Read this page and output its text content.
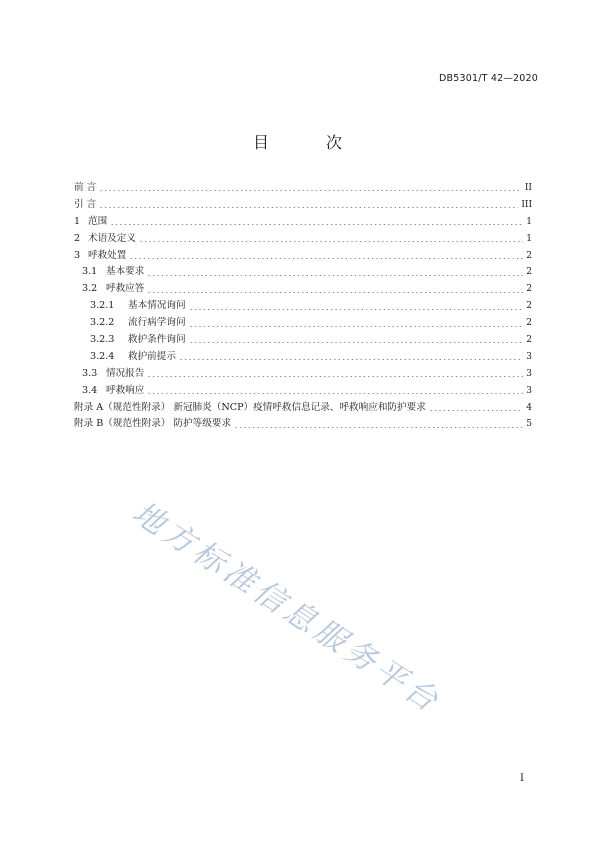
DB5301/T 42—2020
目 次
前 言	II
引 言	III
1 范围	1
2 术语及定义	1
3 呼救处置	2
3.1 基本要求	2
3.2 呼救应答	2
3.2.1	基本情况询问	2
3.2.2	流行病学询问	2
3.2.3	救护条件询问	2
3.2.4	救护前提示	3
3.3 情况报告	3
3.4 呼救响应	3
附录 A（规范性附录） 新冠肺炎（NCP）疫情呼救信息记录、呼救响应和防护要求	4
附录 B（规范性附录） 防护等级要求	5
地方标准信息服务平台
I
